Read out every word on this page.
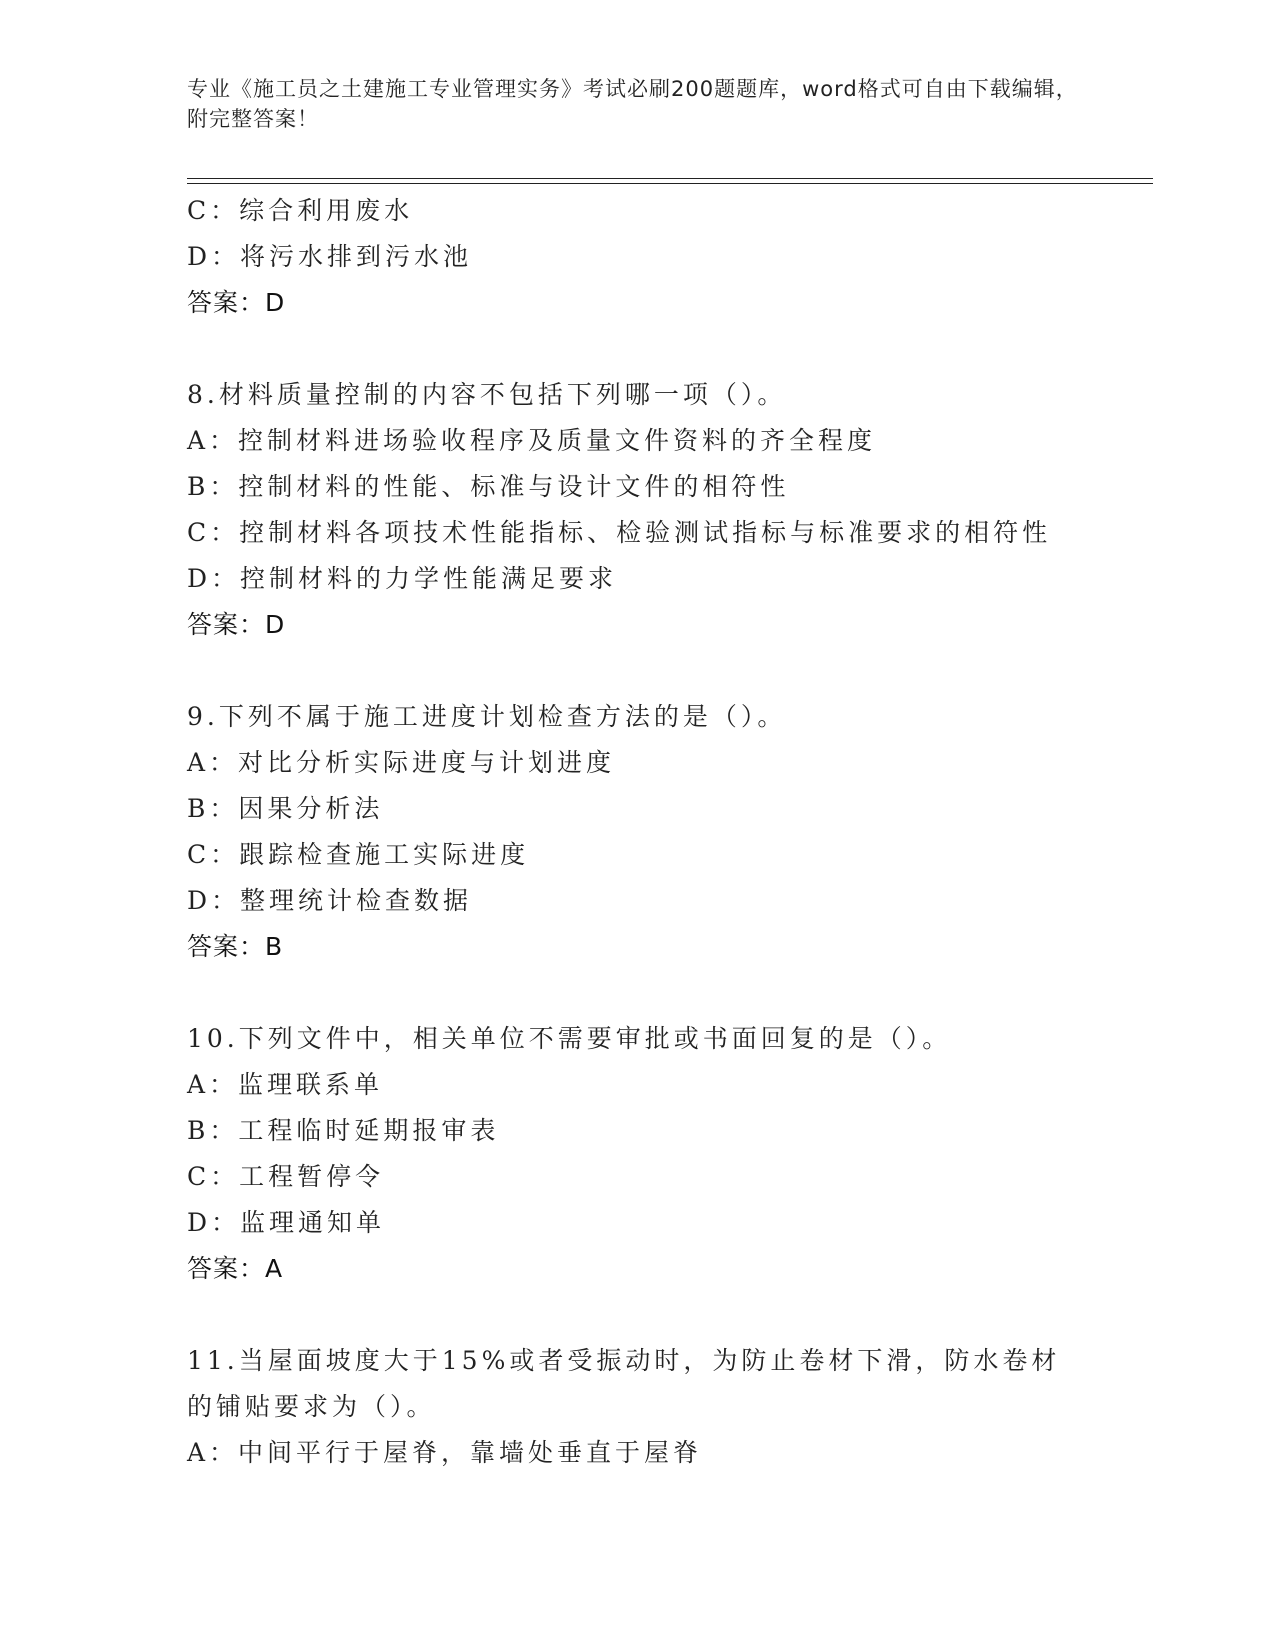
专业《施工员之土建施工专业管理实务》考试必刷200题题库，word格式可自由下载编辑，附完整答案！
C：综合利用废水
D：将污水排到污水池
答案：D
8.材料质量控制的内容不包括下列哪一项（）。
A：控制材料进场验收程序及质量文件资料的齐全程度
B：控制材料的性能、标准与设计文件的相符性
C：控制材料各项技术性能指标、检验测试指标与标准要求的相符性
D：控制材料的力学性能满足要求
答案：D
9.下列不属于施工进度计划检查方法的是（）。
A：对比分析实际进度与计划进度
B：因果分析法
C：跟踪检查施工实际进度
D：整理统计检查数据
答案：B
10.下列文件中，相关单位不需要审批或书面回复的是（）。
A：监理联系单
B：工程临时延期报审表
C：工程暂停令
D：监理通知单
答案：A
11.当屋面坡度大于15%或者受振动时，为防止卷材下滑，防水卷材的铺贴要求为（）。
A：中间平行于屋脊，靠墙处垂直于屋脊
